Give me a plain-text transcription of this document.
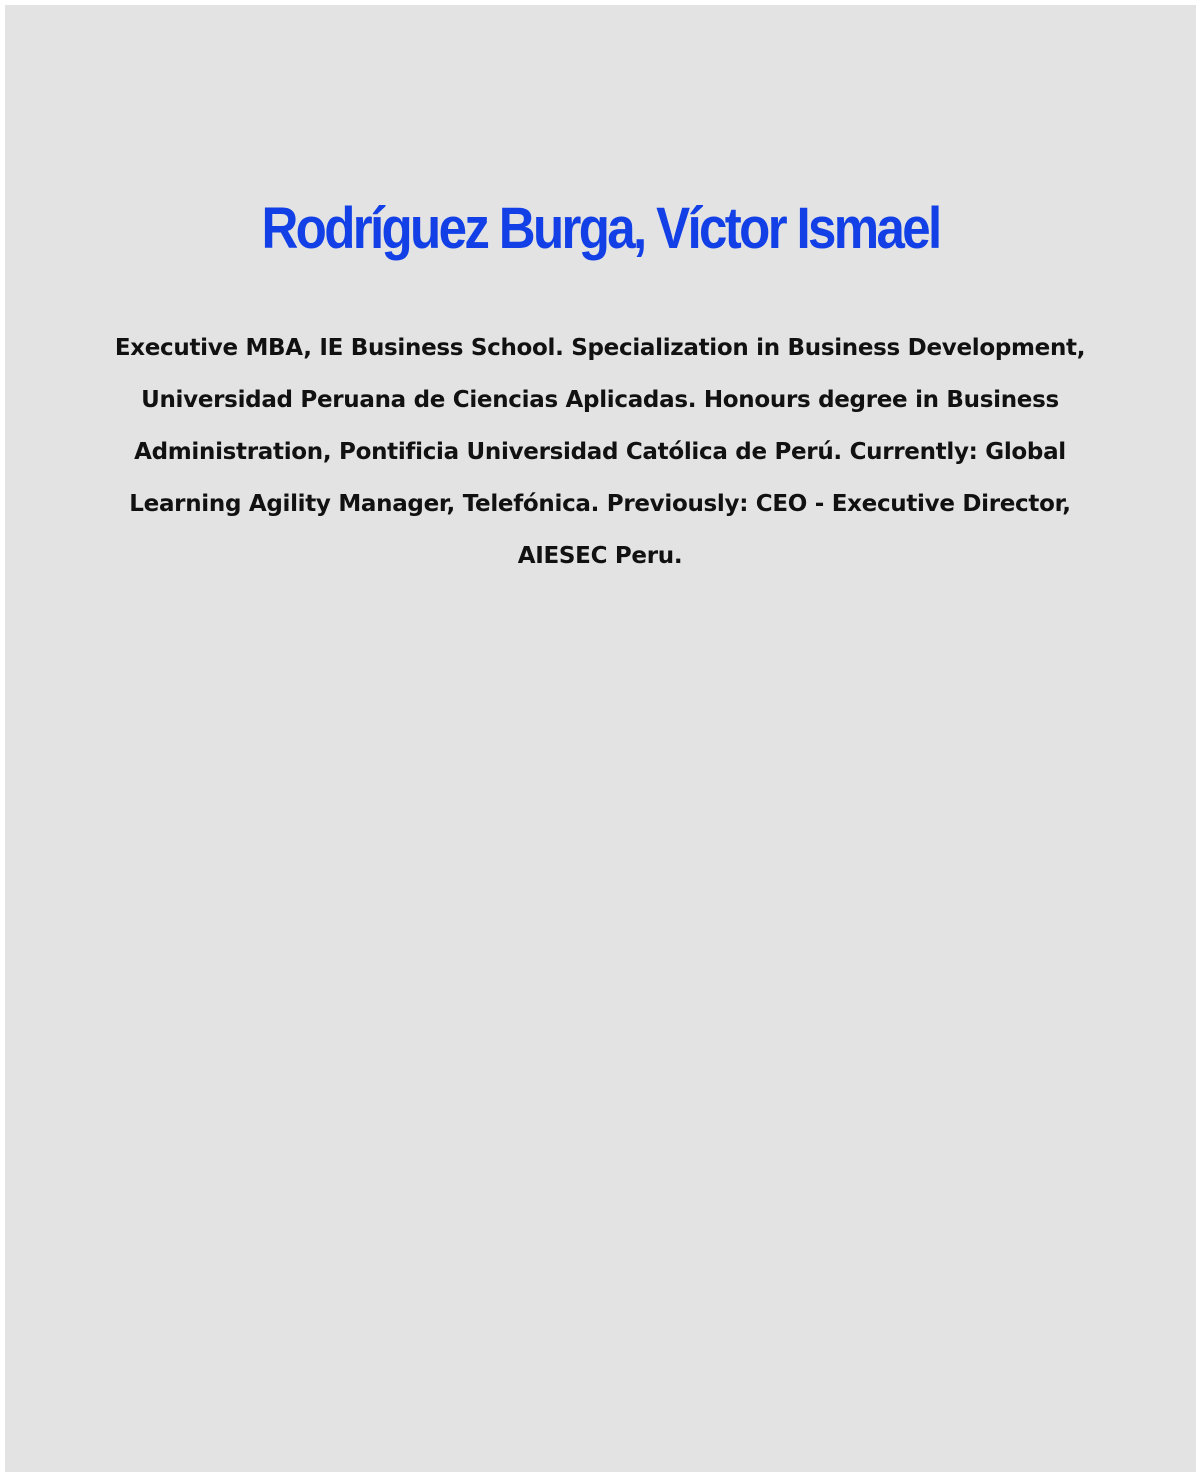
Rodríguez Burga, Víctor Ismael

Executive MBA, IE Business School. Specialization in Business Development, Universidad Peruana de Ciencias Aplicadas. Honours degree in Business Administration, Pontificia Universidad Católica de Perú. Currently: Global Learning Agility Manager, Telefónica. Previously: CEO - Executive Director, AIESEC Peru.
